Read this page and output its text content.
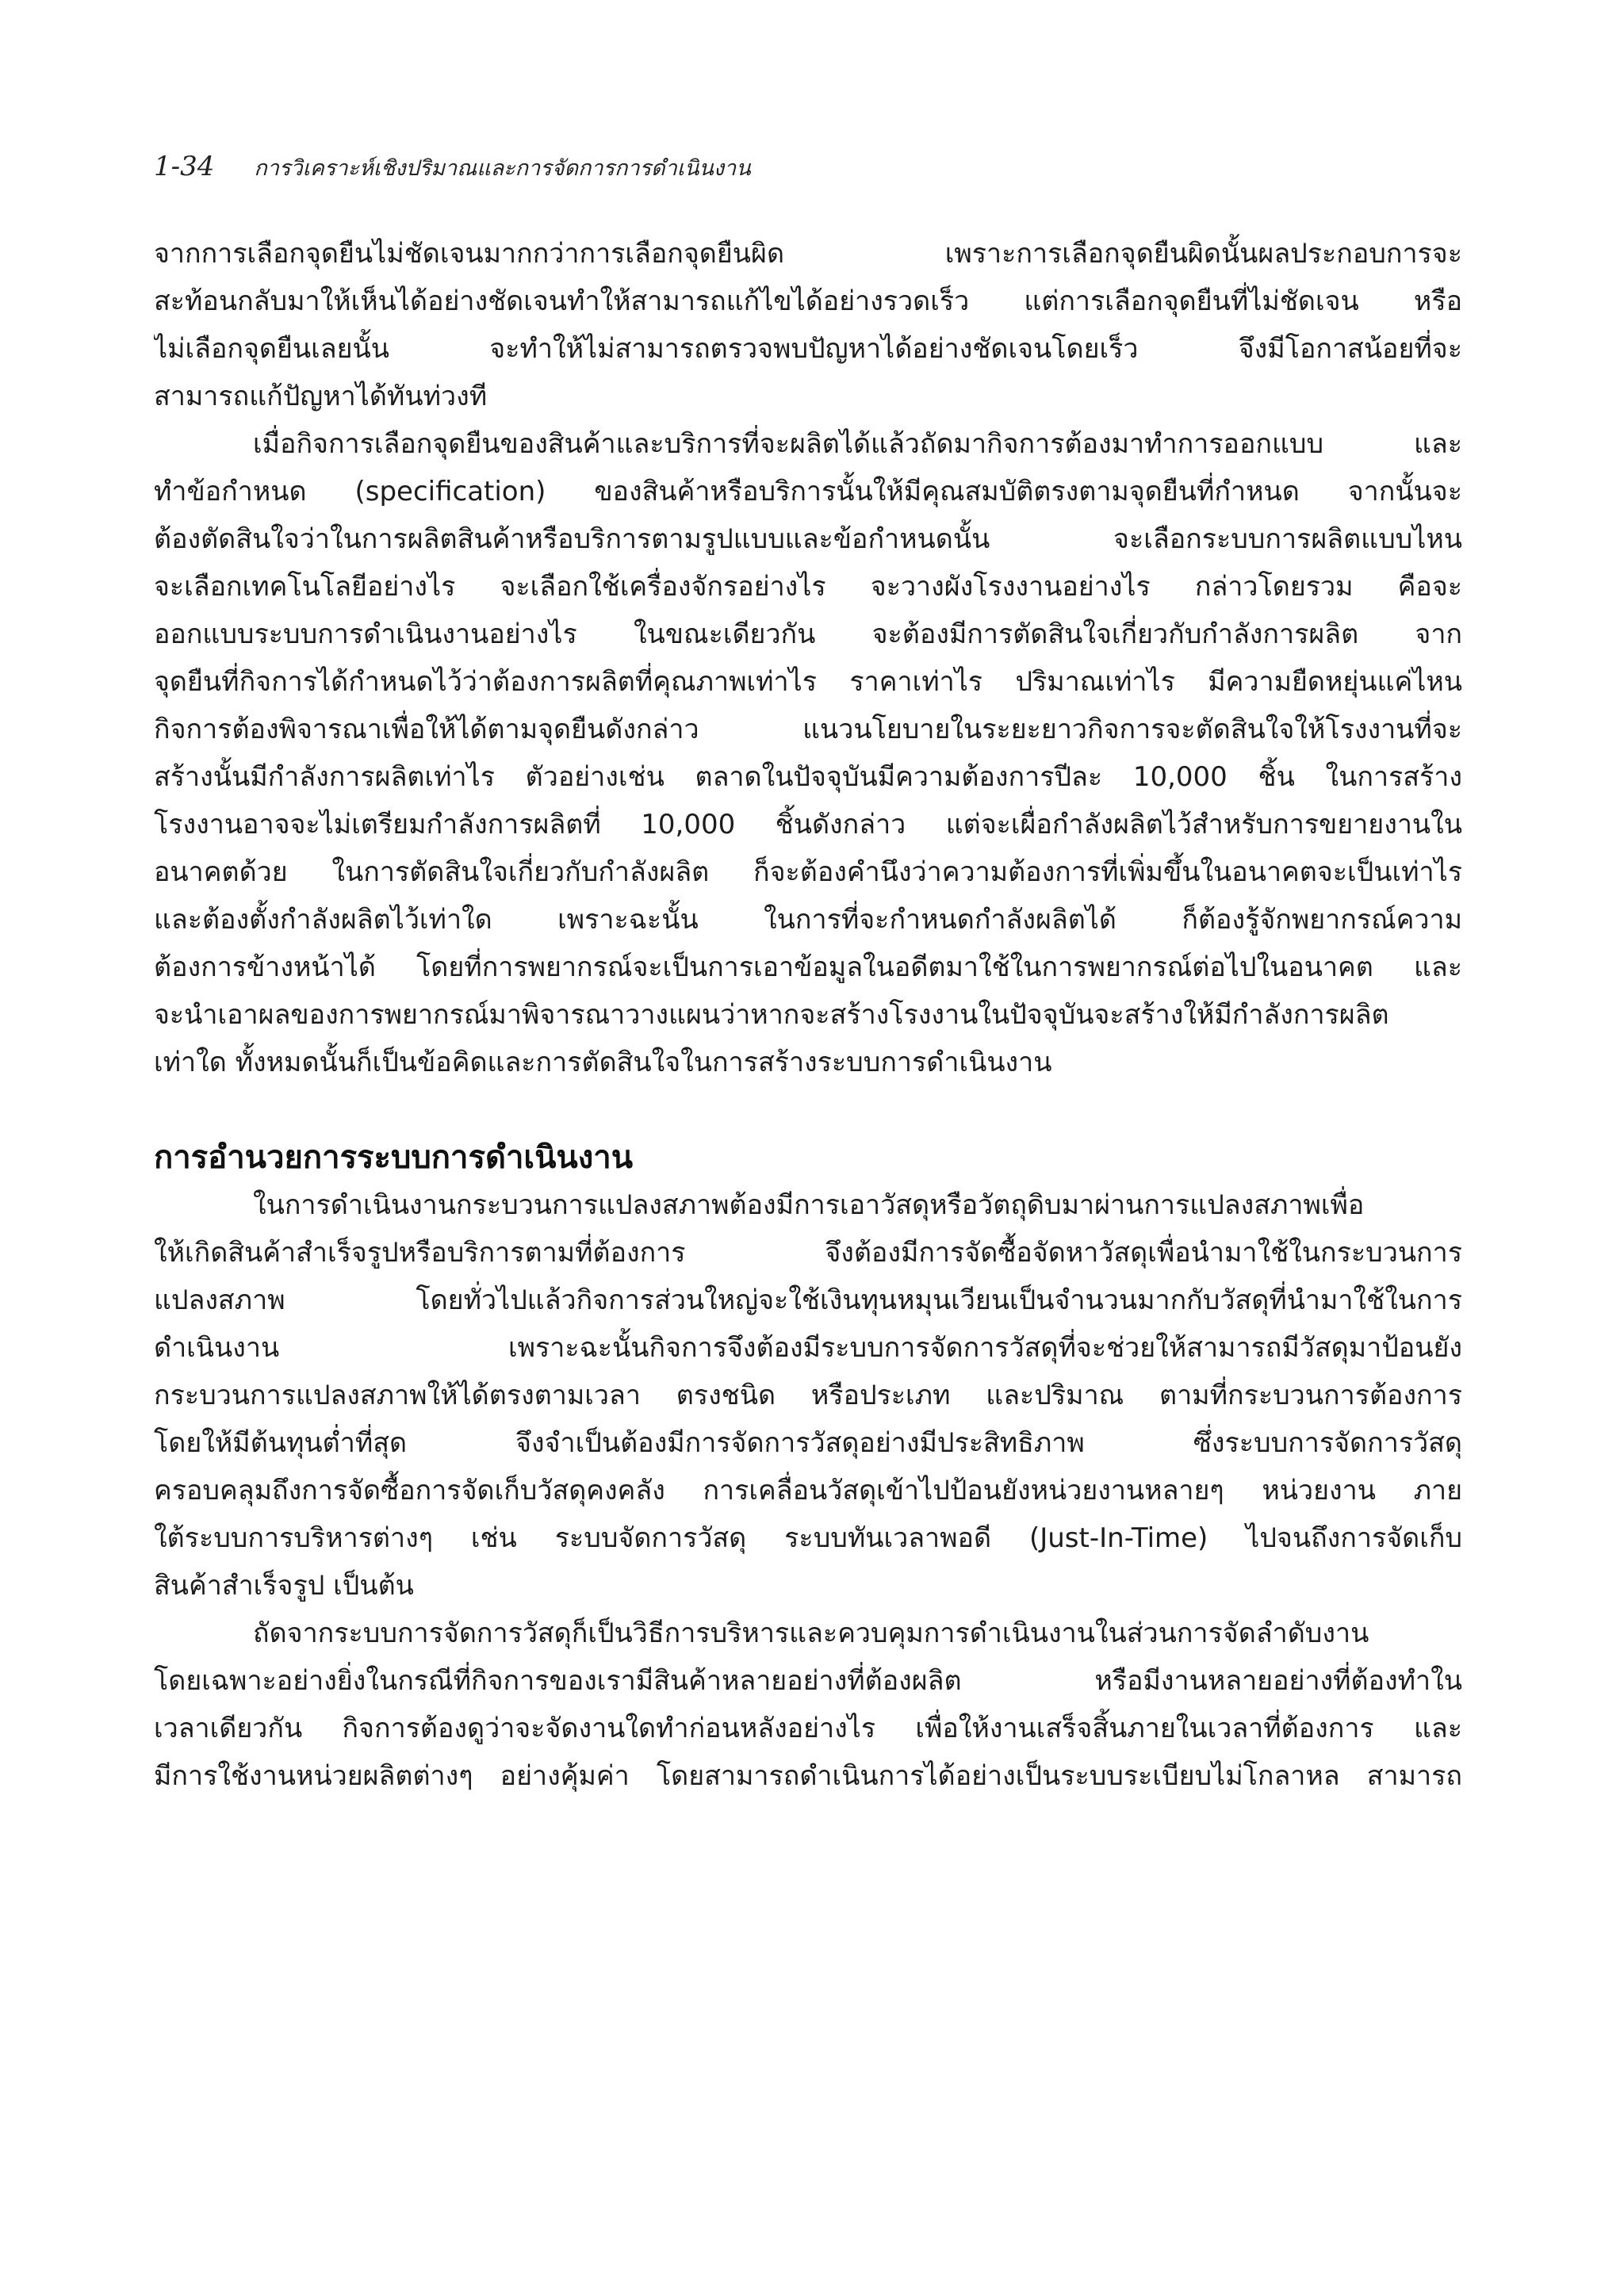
1-34 การวิเคราะห์เชิงปริมาณและการจัดการการดำเนินงาน

จากการเลือกจุดยืนไม่ชัดเจนมากกว่าการเลือกจุดยืนผิด เพราะการเลือกจุดยืนผิดนั้นผลประกอบการจะ
สะท้อนกลับมาให้เห็นได้อย่างชัดเจนทำให้สามารถแก้ไขได้อย่างรวดเร็ว แต่การเลือกจุดยืนที่ไม่ชัดเจน หรือ
ไม่เลือกจุดยืนเลยนั้น จะทำให้ไม่สามารถตรวจพบปัญหาได้อย่างชัดเจนโดยเร็ว จึงมีโอกาสน้อยที่จะ
สามารถแก้ปัญหาได้ทันท่วงที

เมื่อกิจการเลือกจุดยืนของสินค้าและบริการที่จะผลิตได้แล้วถัดมากิจการต้องมาทำการออกแบบ และ
ทำข้อกำหนด (specification) ของสินค้าหรือบริการนั้นให้มีคุณสมบัติตรงตามจุดยืนที่กำหนด จากนั้นจะ
ต้องตัดสินใจว่าในการผลิตสินค้าหรือบริการตามรูปแบบและข้อกำหนดนั้น จะเลือกระบบการผลิตแบบไหน
จะเลือกเทคโนโลยีอย่างไร จะเลือกใช้เครื่องจักรอย่างไร จะวางผังโรงงานอย่างไร กล่าวโดยรวม คือจะ
ออกแบบระบบการดำเนินงานอย่างไร ในขณะเดียวกัน จะต้องมีการตัดสินใจเกี่ยวกับกำลังการผลิต จาก
จุดยืนที่กิจการได้กำหนดไว้ว่าต้องการผลิตที่คุณภาพเท่าไร ราคาเท่าไร ปริมาณเท่าไร มีความยืดหยุ่นแค่ไหน
กิจการต้องพิจารณาเพื่อให้ได้ตามจุดยืนดังกล่าว แนวนโยบายในระยะยาวกิจการจะตัดสินใจให้โรงงานที่จะ
สร้างนั้นมีกำลังการผลิตเท่าไร ตัวอย่างเช่น ตลาดในปัจจุบันมีความต้องการปีละ 10,000 ชิ้น ในการสร้าง
โรงงานอาจจะไม่เตรียมกำลังการผลิตที่ 10,000 ชิ้นดังกล่าว แต่จะเผื่อกำลังผลิตไว้สำหรับการขยายงานใน
อนาคตด้วย ในการตัดสินใจเกี่ยวกับกำลังผลิต ก็จะต้องคำนึงว่าความต้องการที่เพิ่มขึ้นในอนาคตจะเป็นเท่าไร
และต้องตั้งกำลังผลิตไว้เท่าใด เพราะฉะนั้น ในการที่จะกำหนดกำลังผลิตได้ ก็ต้องรู้จักพยากรณ์ความ
ต้องการข้างหน้าได้ โดยที่การพยากรณ์จะเป็นการเอาข้อมูลในอดีตมาใช้ในการพยากรณ์ต่อไปในอนาคต และ
จะนำเอาผลของการพยากรณ์มาพิจารณาวางแผนว่าหากจะสร้างโรงงานในปัจจุบันจะสร้างให้มีกำลังการผลิต
เท่าใด ทั้งหมดนั้นก็เป็นข้อคิดและการตัดสินใจในการสร้างระบบการดำเนินงาน

การอำนวยการระบบการดำเนินงาน

ในการดำเนินงานกระบวนการแปลงสภาพต้องมีการเอาวัสดุหรือวัตถุดิบมาผ่านการแปลงสภาพเพื่อ
ให้เกิดสินค้าสำเร็จรูปหรือบริการตามที่ต้องการ จึงต้องมีการจัดซื้อจัดหาวัสดุเพื่อนำมาใช้ในกระบวนการ
แปลงสภาพ โดยทั่วไปแล้วกิจการส่วนใหญ่จะใช้เงินทุนหมุนเวียนเป็นจำนวนมากกับวัสดุที่นำมาใช้ในการ
ดำเนินงาน เพราะฉะนั้นกิจการจึงต้องมีระบบการจัดการวัสดุที่จะช่วยให้สามารถมีวัสดุมาป้อนยัง
กระบวนการแปลงสภาพให้ได้ตรงตามเวลา ตรงชนิด หรือประเภท และปริมาณ ตามที่กระบวนการต้องการ
โดยให้มีต้นทุนต่ำที่สุด จึงจำเป็นต้องมีการจัดการวัสดุอย่างมีประสิทธิภาพ ซึ่งระบบการจัดการวัสดุ
ครอบคลุมถึงการจัดซื้อการจัดเก็บวัสดุคงคลัง การเคลื่อนวัสดุเข้าไปป้อนยังหน่วยงานหลายๆ หน่วยงาน ภาย
ใต้ระบบการบริหารต่างๆ เช่น ระบบจัดการวัสดุ ระบบทันเวลาพอดี (Just-In-Time) ไปจนถึงการจัดเก็บ
สินค้าสำเร็จรูป เป็นต้น

ถัดจากระบบการจัดการวัสดุก็เป็นวิธีการบริหารและควบคุมการดำเนินงานในส่วนการจัดลำดับงาน
โดยเฉพาะอย่างยิ่งในกรณีที่กิจการของเรามีสินค้าหลายอย่างที่ต้องผลิต หรือมีงานหลายอย่างที่ต้องทำใน
เวลาเดียวกัน กิจการต้องดูว่าจะจัดงานใดทำก่อนหลังอย่างไร เพื่อให้งานเสร็จสิ้นภายในเวลาที่ต้องการ และ
มีการใช้งานหน่วยผลิตต่างๆ อย่างคุ้มค่า โดยสามารถดำเนินการได้อย่างเป็นระบบระเบียบไม่โกลาหล สามารถ
